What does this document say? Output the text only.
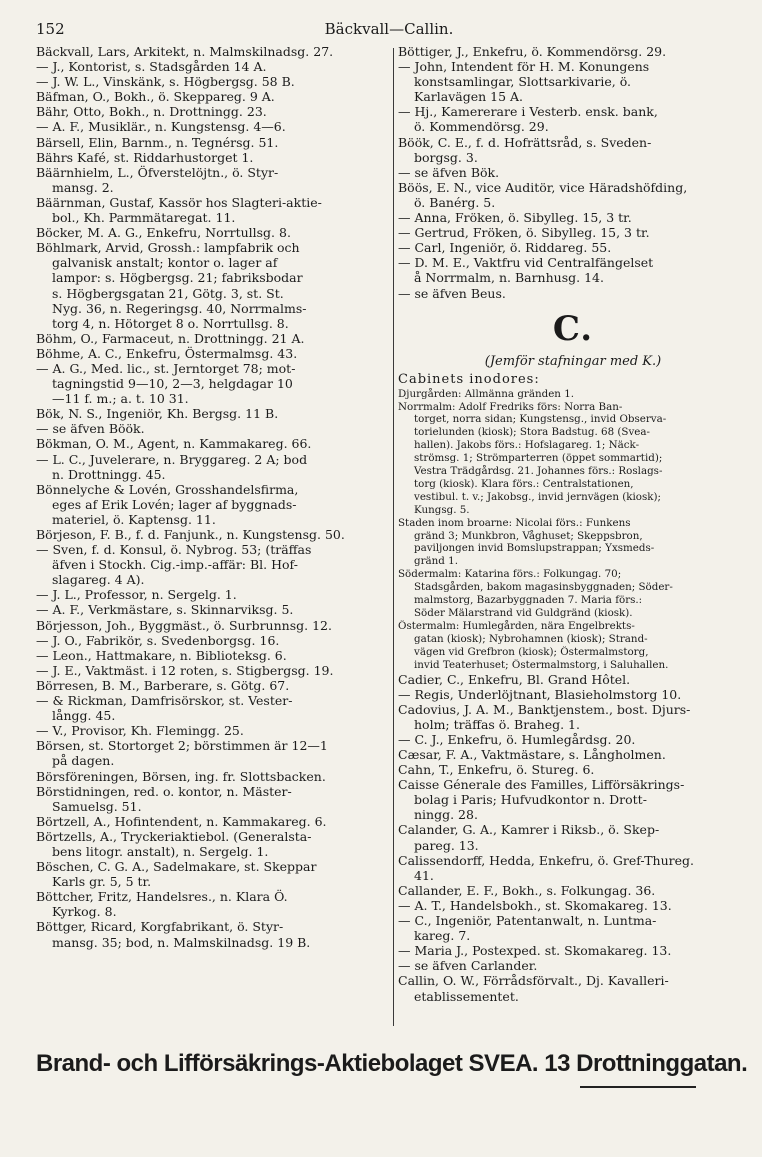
152	Bäckvall—Callin.
Bäckvall, Lars, Arkitekt, n. Malmskilnadsg. 27.
— J., Kontorist, s. Stadsgården 14 A.
— J. W. L., Vinskänk, s. Högbergsg. 58 B.
Bäfman, O., Bokh., ö. Skeppareg. 9 A.
Bähr, Otto, Bokh., n. Drottningg. 23.
— A. F., Musiklär., n. Kungstensg. 4—6.
Bärsell, Elin, Barnm., n. Tegnérsg. 51.
Bährs Kafé, st. Riddarhustorget 1.
Bäärnhielm, L., Öfverstelöjtn., ö. Styr-
mansg. 2.
Bäärnman, Gustaf, Kassör hos Slagteri-aktie-
bol., Kh. Parmmätaregat. 11.
Böcker, M. A. G., Enkefru, Norrtullsg. 8.
Böhlmark, Arvid, Grossh.: lampfabrik och
galvanisk anstalt; kontor o. lager af
lampor: s. Högbergsg. 21; fabriksbodar
s. Högbergsgatan 21, Götg. 3, st. St.
Nyg. 36, n. Regeringsg. 40, Norrmalms-
torg 4, n. Hötorget 8 o. Norrtullsg. 8.
Böhm, O., Farmaceut, n. Drottningg. 21 A.
Böhme, A. C., Enkefru, Östermalmsg. 43.
— A. G., Med. lic., st. Jerntorget 78; mot-
tagningstid 9—10, 2—3, helgdagar 10
—11 f. m.; a. t. 10 31.
Bök, N. S., Ingeniör, Kh. Bergsg. 11 B.
— se äfven Böök.
Bökman, O. M., Agent, n. Kammakareg. 66.
— L. C., Juvelerare, n. Bryggareg. 2 A; bod
n. Drottningg. 45.
Bönnelyche & Lovén, Grosshandelsfirma,
eges af Erik Lovén; lager af byggnads-
materiel, ö. Kaptensg. 11.
Börjeson, F. B., f. d. Fanjunk., n. Kungstensg. 50.
— Sven, f. d. Konsul, ö. Nybrog. 53; (träffas
äfven i Stockh. Cig.-imp.-affär: Bl. Hof-
slagareg. 4 A).
— J. L., Professor, n. Sergelg. 1.
— A. F., Verkmästare, s. Skinnarviksg. 5.
Börjesson, Joh., Byggmäst., ö. Surbrunnsg. 12.
— J. O., Fabrikör, s. Svedenborgsg. 16.
— Leon., Hattmakare, n. Biblioteksg. 6.
— J. E., Vaktmäst. i 12 roten, s. Stigbergsg. 19.
Börresen, B. M., Barberare, s. Götg. 67.
— & Rickman, Damfrisörskor, st. Vester-
långg. 45.
— V., Provisor, Kh. Flemingg. 25.
Börsen, st. Stortorget 2; börstimmen är 12—1
på dagen.
Börsföreningen, Börsen, ing. fr. Slottsbacken.
Börstidningen, red. o. kontor, n. Mäster-
Samuelsg. 51.
Börtzell, A., Hofintendent, n. Kammakareg. 6.
Börtzells, A., Tryckeriaktiebol. (Generalsta-
bens litogr. anstalt), n. Sergelg. 1.
Böschen, C. G. A., Sadelmakare, st. Skeppar
Karls gr. 5, 5 tr.
Böttcher, Fritz, Handelsres., n. Klara Ö.
Kyrkog. 8.
Böttger, Ricard, Korgfabrikant, ö. Styr-
mansg. 35; bod, n. Malmskilnadsg. 19 B.
Böttiger, J., Enkefru, ö. Kommendörsg. 29.
— John, Intendent för H. M. Konungens
konstsamlingar, Slottsarkivarie, ö.
Karlavägen 15 A.
— Hj., Kamererare i Vesterb. ensk. bank,
ö. Kommendörsg. 29.
Böök, C. E., f. d. Hofrättsråd, s. Sveden-
borgsg. 3.
— se äfven Bök.
Böös, E. N., vice Auditör, vice Häradshöfding,
ö. Banérg. 5.
— Anna, Fröken, ö. Sibylleg. 15, 3 tr.
— Gertrud, Fröken, ö. Sibylleg. 15, 3 tr.
— Carl, Ingeniör, ö. Riddareg. 55.
— D. M. E., Vaktfru vid Centralfängelset
å Norrmalm, n. Barnhusg. 14.
— se äfven Beus.
C.
(Jemför stafningar med K.)
Cabinets inodores:
Djurgården: Allmänna gränden 1.
Norrmalm: Adolf Fredriks förs: Norra Ban-
torget, norra sidan; Kungstensg., invid Observa-
torielunden (kiosk); Stora Badstug. 68 (Svea-
hallen). Jakobs förs.: Hofslagareg. 1; Näck-
strömsg. 1; Strömparterren (öppet sommartid);
Vestra Trädgårdsg. 21. Johannes förs.: Roslags-
torg (kiosk). Klara förs.: Centralstationen,
vestibul. t. v.; Jakobsg., invid jernvägen (kiosk);
Kungsg. 5.
Staden inom broarne: Nicolai förs.: Funkens
gränd 3; Munkbron, Våghuset; Skeppsbron,
paviljongen invid Bomslupstrappan; Yxsmeds-
gränd 1.
Södermalm: Katarina förs.: Folkungag. 70;
Stadsgården, bakom magasinsbyggnaden; Söder-
malmstorg, Bazarbyggnaden 7. Maria förs.:
Söder Mälarstrand vid Guldgränd (kiosk).
Östermalm: Humlegården, nära Engelbrekts-
gatan (kiosk); Nybrohamnen (kiosk); Strand-
vägen vid Grefbron (kiosk); Östermalmstorg,
invid Teaterhuset; Östermalmstorg, i Saluhallen.
Cadier, C., Enkefru, Bl. Grand Hôtel.
— Regis, Underlöjtnant, Blasieholmstorg 10.
Cadovius, J. A. M., Banktjenstem., bost. Djurs-
holm; träffas ö. Braheg. 1.
— C. J., Enkefru, ö. Humlegårdsg. 20.
Cæsar, F. A., Vaktmästare, s. Långholmen.
Cahn, T., Enkefru, ö. Stureg. 6.
Caisse Génerale des Familles, Lifförsäkrings-
bolag i Paris; Hufvudkontor n. Drott-
ningg. 28.
Calander, G. A., Kamrer i Riksb., ö. Skep-
pareg. 13.
Calissendorff, Hedda, Enkefru, ö. Gref-Thureg.
41.
Callander, E. F., Bokh., s. Folkungag. 36.
— A. T., Handelsbokh., st. Skomakareg. 13.
— C., Ingeniör, Patentanwalt, n. Luntma-
kareg. 7.
— Maria J., Postexped. st. Skomakareg. 13.
— se äfven Carlander.
Callin, O. W., Förrådsförvalt., Dj. Kavalleri-
etablissementet.
Brand- och Lifförsäkrings-Aktiebolaget SVEA. 13 Drottninggatan.
